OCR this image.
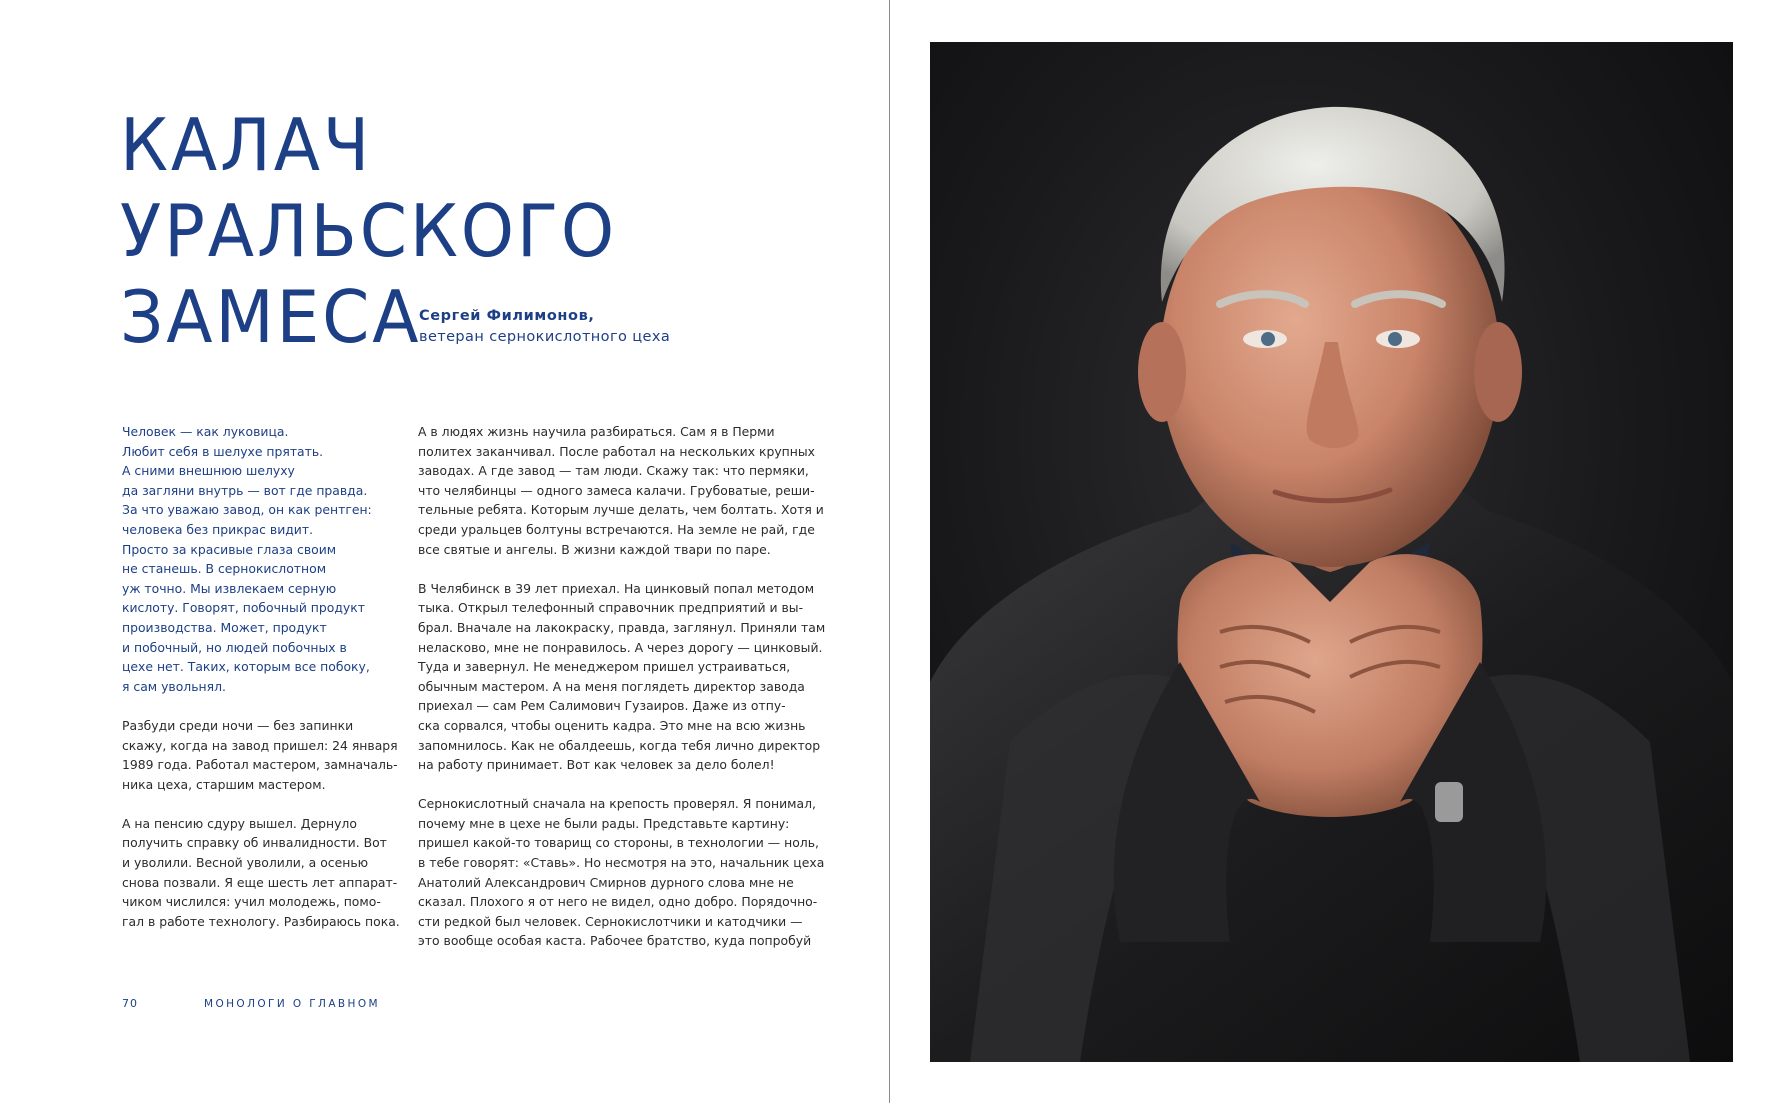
КАЛАЧ
УРАЛЬСКОГО
ЗАМЕСА
Сергей Филимонов,
ветеран сернокислотного цеха

Человек — как луковица.

Любит себя в шелухе прятать.

А сними внешнюю шелуху

да загляни внутрь — вот где правда.

За что уважаю завод, он как рентген:

человека без прикрас видит.

Просто за красивые глаза своим

не станешь. В сернокислотном

уж точно. Мы извлекаем серную

кислоту. Говорят, побочный продукт

производства. Может, продукт

и побочный, но людей побочных в

цехе нет. Таких, которым все побоку,

я сам увольнял.

Разбуди среди ночи — без запинки

скажу, когда на завод пришел: 24 января

1989 года. Работал мастером, замначаль-

ника цеха, старшим мастером.

А на пенсию сдуру вышел. Дернуло

получить справку об инвалидности. Вот

и уволили. Весной уволили, а осенью

снова позвали. Я еще шесть лет аппарат-

чиком числился: учил молодежь, помо-

гал в работе технологу. Разбираюсь пока.

А в людях жизнь научила разбираться. Сам я в Перми

политех заканчивал. После работал на нескольких крупных

заводах. А где завод — там люди. Скажу так: что пермяки,

что челябинцы — одного замеса калачи. Грубоватые, реши-

тельные ребята. Которым лучше делать, чем болтать. Хотя и

среди уральцев болтуны встречаются. На земле не рай, где

все святые и ангелы. В жизни каждой твари по паре.

В Челябинск в 39 лет приехал. На цинковый попал методом

тыка. Открыл телефонный справочник предприятий и вы-

брал. Вначале на лакокраску, правда, заглянул. Приняли там

неласково, мне не понравилось. А через дорогу — цинковый.

Туда и завернул. Не менеджером пришел устраиваться,

обычным мастером. А на меня поглядеть директор завода

приехал — сам Рем Салимович Гузаиров. Даже из отпу-

ска сорвался, чтобы оценить кадра. Это мне на всю жизнь

запомнилось. Как не обалдеешь, когда тебя лично директор

на работу принимает. Вот как человек за дело болел!

Сернокислотный сначала на крепость проверял. Я понимал,

почему мне в цехе не были рады. Представьте картину:

пришел какой-то товарищ со стороны, в технологии — ноль,

в тебе говорят: «Ставь». Но несмотря на это, начальник цеха

Анатолий Александрович Смирнов дурного слова мне не

сказал. Плохого я от него не видел, одно добро. Порядочно-

сти редкой был человек. Сернокислотчики и катодчики —

это вообще особая каста. Рабочее братство, куда попробуй

70	МОНОЛОГИ О ГЛАВНОМ
